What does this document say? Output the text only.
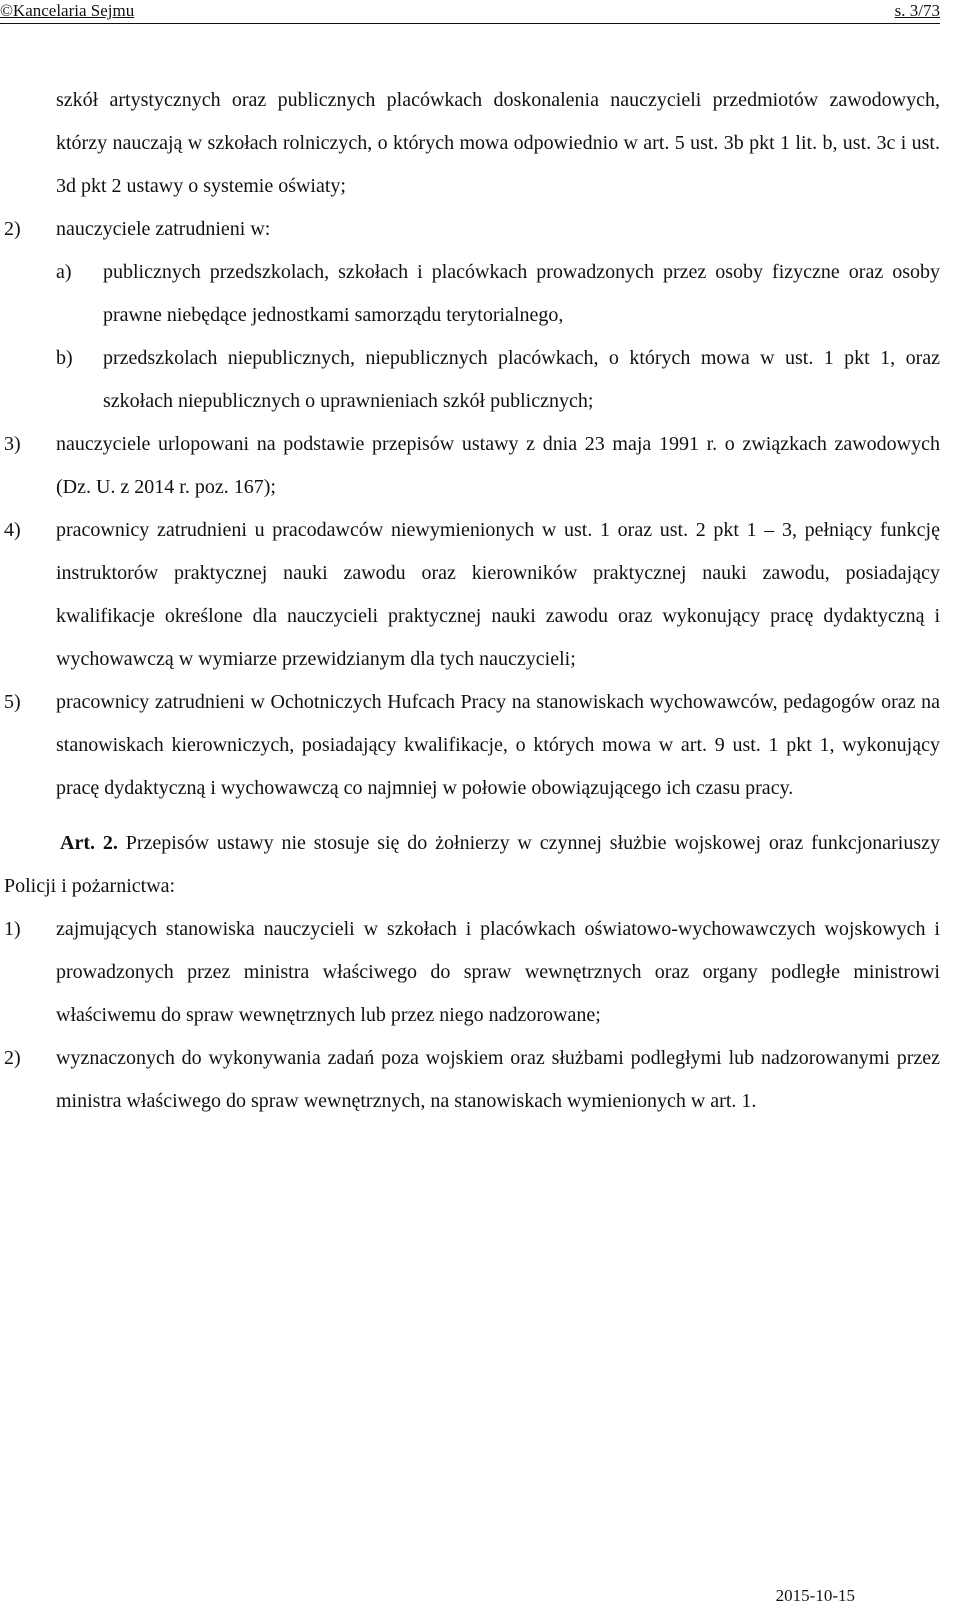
©Kancelaria Sejmu	s. 3/73
szkół artystycznych oraz publicznych placówkach doskonalenia nauczycieli przedmiotów zawodowych, którzy nauczają w szkołach rolniczych, o których mowa odpowiednio w art. 5 ust. 3b pkt 1 lit. b, ust. 3c i ust. 3d pkt 2 ustawy o systemie oświaty;
2) nauczyciele zatrudnieni w:
a) publicznych przedszkolach, szkołach i placówkach prowadzonych przez osoby fizyczne oraz osoby prawne niebędące jednostkami samorządu terytorialnego,
b) przedszkolach niepublicznych, niepublicznych placówkach, o których mowa w ust. 1 pkt 1, oraz szkołach niepublicznych o uprawnieniach szkół publicznych;
3) nauczyciele urlopowani na podstawie przepisów ustawy z dnia 23 maja 1991 r. o związkach zawodowych (Dz. U. z 2014 r. poz. 167);
4) pracownicy zatrudnieni u pracodawców niewymienionych w ust. 1 oraz ust. 2 pkt 1 – 3, pełniący funkcję instruktorów praktycznej nauki zawodu oraz kierowników praktycznej nauki zawodu, posiadający kwalifikacje określone dla nauczycieli praktycznej nauki zawodu oraz wykonujący pracę dydaktyczną i wychowawczą w wymiarze przewidzianym dla tych nauczycieli;
5) pracownicy zatrudnieni w Ochotniczych Hufcach Pracy na stanowiskach wychowawców, pedagogów oraz na stanowiskach kierowniczych, posiadający kwalifikacje, o których mowa w art. 9 ust. 1 pkt 1, wykonujący pracę dydaktyczną i wychowawczą co najmniej w połowie obowiązującego ich czasu pracy.
Art. 2. Przepisów ustawy nie stosuje się do żołnierzy w czynnej służbie wojskowej oraz funkcjonariuszy Policji i pożarnictwa:
1) zajmujących stanowiska nauczycieli w szkołach i placówkach oświatowo-wychowawczych wojskowych i prowadzonych przez ministra właściwego do spraw wewnętrznych oraz organy podległe ministrowi właściwemu do spraw wewnętrznych lub przez niego nadzorowane;
2) wyznaczonych do wykonywania zadań poza wojskiem oraz służbami podległymi lub nadzorowanymi przez ministra właściwego do spraw wewnętrznych, na stanowiskach wymienionych w art. 1.
2015-10-15
